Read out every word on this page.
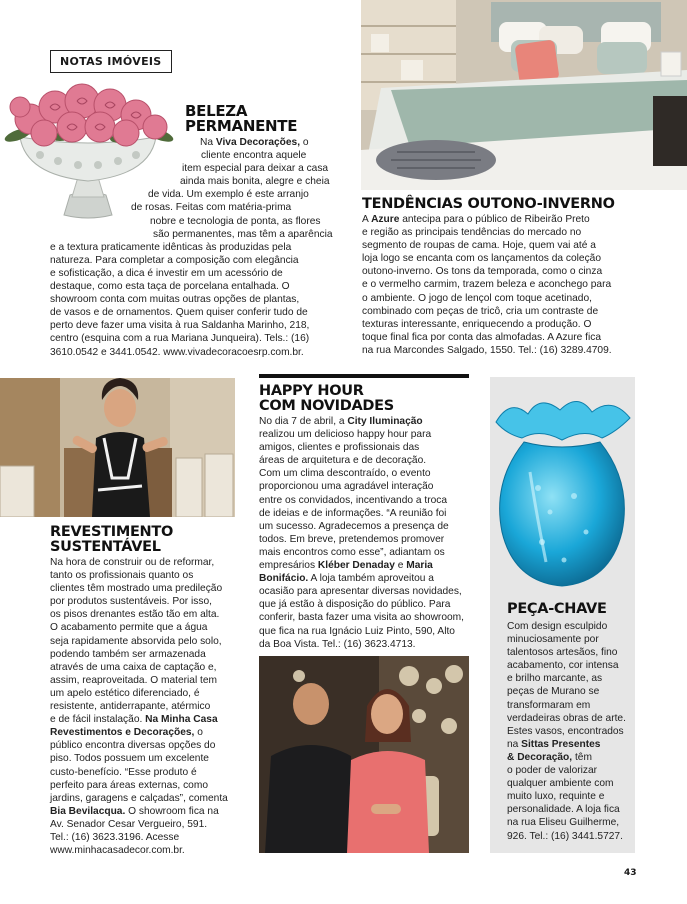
NOTAS IMÓVEIS
BELEZA
PERMANENTE
Na Viva Decorações, o
cliente encontra aquele
item especial para deixar a casa
ainda mais bonita, alegre e cheia
de vida. Um exemplo é este arranjo
de rosas. Feitas com matéria-prima
nobre e tecnologia de ponta, as flores
são permanentes, mas têm a aparência
e a textura praticamente idênticas às produzidas pela
natureza. Para completar a composição com elegância
e sofisticação, a dica é investir em um acessório de
destaque, como esta taça de porcelana entalhada. O
showroom conta com muitas outras opções de plantas,
de vasos e de ornamentos. Quem quiser conferir tudo de
perto deve fazer uma visita à rua Saldanha Marinho, 218,
centro (esquina com a rua Mariana Junqueira). Tels.: (16)
3610.0542 e 3441.0542. www.vivadecoracoesrp.com.br.
TENDÊNCIAS OUTONO-INVERNO
A Azure antecipa para o público de Ribeirão Preto
e região as principais tendências do mercado no
segmento de roupas de cama. Hoje, quem vai até a
loja logo se encanta com os lançamentos da coleção
outono-inverno. Os tons da temporada, como o cinza
e o vermelho carmim, trazem beleza e aconchego para
o ambiente. O jogo de lençol com toque acetinado,
combinado com peças de tricô, cria um contraste de
texturas interessante, enriquecendo a produção. O
toque final fica por conta das almofadas. A Azure fica
na rua Marcondes Salgado, 1550. Tel.: (16) 3289.4709.
REVESTIMENTO
SUSTENTÁVEL
Na hora de construir ou de reformar,
tanto os profissionais quanto os
clientes têm mostrado uma predileção
por produtos sustentáveis. Por isso,
os pisos drenantes estão tão em alta.
O acabamento permite que a água
seja rapidamente absorvida pelo solo,
podendo também ser armazenada
através de uma caixa de captação e,
assim, reaproveitada. O material tem
um apelo estético diferenciado, é
resistente, antiderrapante, atérmico
e de fácil instalação. Na Minha Casa
Revestimentos e Decorações, o
público encontra diversas opções do
piso. Todos possuem um excelente
custo-benefício. “Esse produto é
perfeito para áreas externas, como
jardins, garagens e calçadas”, comenta
Bia Bevilacqua. O showroom fica na
Av. Senador Cesar Vergueiro, 591.
Tel.: (16) 3623.3196. Acesse
www.minhacasadecor.com.br.
HAPPY HOUR
COM NOVIDADES
No dia 7 de abril, a City Iluminação
realizou um delicioso happy hour para
amigos, clientes e profissionais das
áreas de arquitetura e de decoração.
Com um clima descontraído, o evento
proporcionou uma agradável interação
entre os convidados, incentivando a troca
de ideias e de informações. “A reunião foi
um sucesso. Agradecemos a presença de
todos. Em breve, pretendemos promover
mais encontros como esse”, adiantam os
empresários Kléber Denaday e Maria
Bonifácio. A loja também aproveitou a
ocasião para apresentar diversas novidades,
que já estão à disposição do público. Para
conferir, basta fazer uma visita ao showroom,
que fica na rua Ignácio Luiz Pinto, 590, Alto
da Boa Vista. Tel.: (16) 3623.4713.
PEÇA-CHAVE
Com design esculpido
minuciosamente por
talentosos artesãos, fino
acabamento, cor intensa
e brilho marcante, as
peças de Murano se
transformaram em
verdadeiras obras de arte.
Estes vasos, encontrados
na Sittas Presentes
& Decoração, têm
o poder de valorizar
qualquer ambiente com
muito luxo, requinte e
personalidade. A loja fica
na rua Eliseu Guilherme,
926. Tel.: (16) 3441.5727.
43
